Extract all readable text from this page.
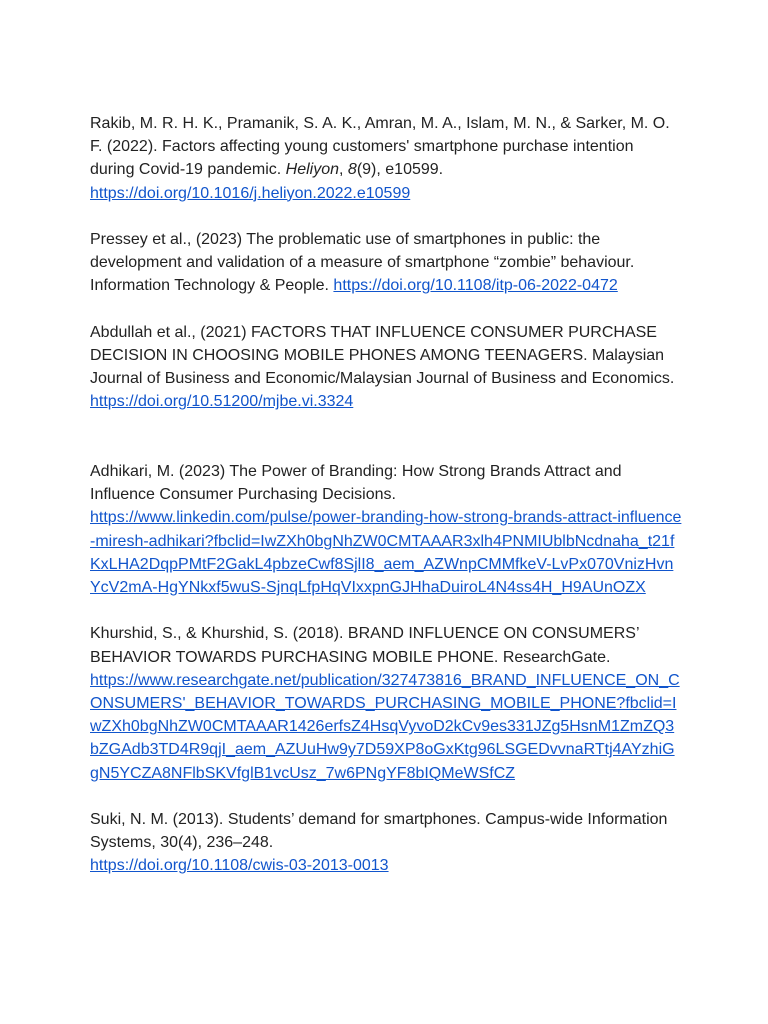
Rakib, M. R. H. K., Pramanik, S. A. K., Amran, M. A., Islam, M. N., & Sarker, M. O. F. (2022). Factors affecting young customers' smartphone purchase intention during Covid-19 pandemic. Heliyon, 8(9), e10599.
https://doi.org/10.1016/j.heliyon.2022.e10599

Pressey et al., (2023) The problematic use of smartphones in public: the development and validation of a measure of smartphone “zombie” behaviour. Information Technology & People. https://doi.org/10.1108/itp-06-2022-0472

Abdullah et al., (2021) FACTORS THAT INFLUENCE CONSUMER PURCHASE DECISION IN CHOOSING MOBILE PHONES AMONG TEENAGERS. Malaysian Journal of Business and Economic/Malaysian Journal of Business and Economics. https://doi.org/10.51200/mjbe.vi.3324

Adhikari, M. (2023) The Power of Branding: How Strong Brands Attract and Influence Consumer Purchasing Decisions.
https://www.linkedin.com/pulse/power-branding-how-strong-brands-attract-influence-miresh-adhikari?fbclid=IwZXh0bgNhZW0CMTAAAR3xlh4PNMIUblbNcdnaha_t21fKxLHA2DqpPMtF2GakL4pbzeCwf8SjlI8_aem_AZWnpCMMfkeV-LvPx070VnizHvnYcV2mA-HgYNkxf5wuS-SjnqLfpHqVIxxpnGJHhaDuiroL4N4ss4H_H9AUnOZX

Khurshid, S., & Khurshid, S. (2018). BRAND INFLUENCE ON CONSUMERS’ BEHAVIOR TOWARDS PURCHASING MOBILE PHONE. ResearchGate.
https://www.researchgate.net/publication/327473816_BRAND_INFLUENCE_ON_CONSUMERS'_BEHAVIOR_TOWARDS_PURCHASING_MOBILE_PHONE?fbclid=IwZXh0bgNhZW0CMTAAAR1426erfsZ4HsqVyvoD2kCv9es331JZg5HsnM1ZmZQ3bZGAdb3TD4R9qjI_aem_AZUuHw9y7D59XP8oGxKtg96LSGEDvvnaRTtj4AYzhiGgN5YCZA8NFlbSKVfglB1vcUsz_7w6PNgYF8bIQMeWSfCZ

Suki, N. M. (2013). Students’ demand for smartphones. Campus-wide Information Systems, 30(4), 236–248.
https://doi.org/10.1108/cwis-03-2013-0013
